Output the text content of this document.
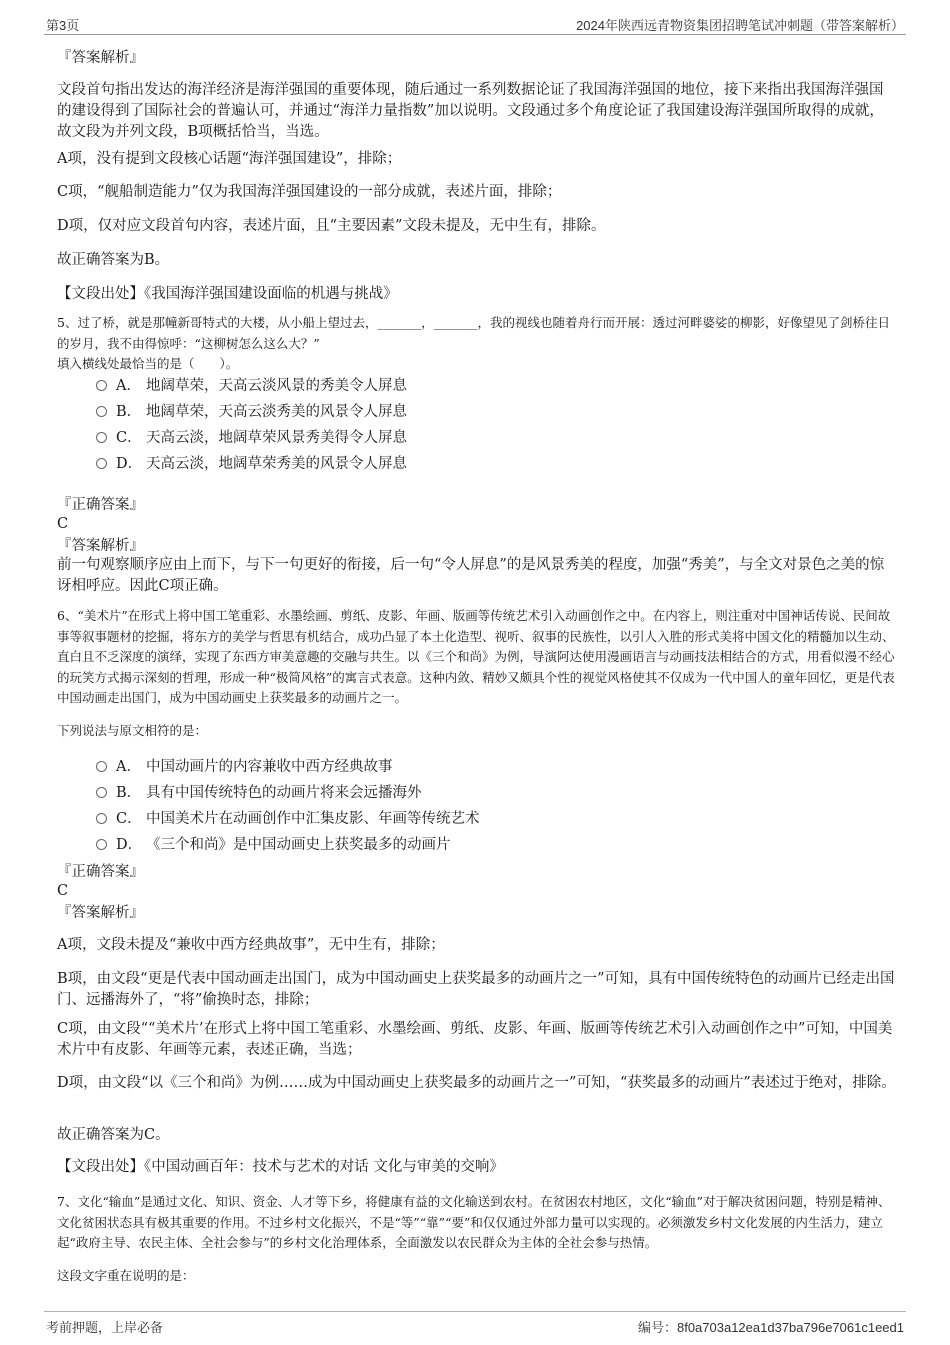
第3页	2024年陕西远青物资集团招聘笔试冲刺题（带答案解析）

『答案解析』

文段首句指出发达的海洋经济是海洋强国的重要体现，随后通过一系列数据论证了我国海洋强国的地位，接下来指出我国海洋强国的建设得到了国际社会的普遍认可，并通过“海洋力量指数”加以说明。文段通过多个角度论证了我国建设海洋强国所取得的成就，故文段为并列文段，B项概括恰当，当选。

A项，没有提到文段核心话题“海洋强国建设”，排除；

C项，“舰船制造能力”仅为我国海洋强国建设的一部分成就，表述片面，排除；

D项，仅对应文段首句内容，表述片面，且“主要因素”文段未提及，无中生有，排除。

故正确答案为B。

【文段出处】《我国海洋强国建设面临的机遇与挑战》

5、过了桥，就是那幢新哥特式的大楼，从小船上望过去，_______，_______，我的视线也随着舟行而开展：透过河畔婆娑的柳影，好像望见了剑桥往日的岁月，我不由得惊呼：“这柳树怎么这么大？”

填入横线处最恰当的是（　　）。

A． 地阔草荣，天高云淡风景的秀美令人屏息
B． 地阔草荣，天高云淡秀美的风景令人屏息
C． 天高云淡，地阔草荣风景秀美得令人屏息
D． 天高云淡，地阔草荣秀美的风景令人屏息

『正确答案』

C

『答案解析』

前一句观察顺序应由上而下，与下一句更好的衔接，后一句“令人屏息”的是风景秀美的程度，加强“秀美”，与全文对景色之美的惊讶相呼应。因此C项正确。

6、“美术片”在形式上将中国工笔重彩、水墨绘画、剪纸、皮影、年画、版画等传统艺术引入动画创作之中。在内容上，则注重对中国神话传说、民间故事等叙事题材的挖掘，将东方的美学与哲思有机结合，成功凸显了本土化造型、视听、叙事的民族性，以引人入胜的形式美将中国文化的精髓加以生动、直白且不乏深度的演绎，实现了东西方审美意趣的交融与共生。以《三个和尚》为例，导演阿达使用漫画语言与动画技法相结合的方式，用看似漫不经心的玩笑方式揭示深刻的哲理，形成一种“极简风格”的寓言式表意。这种内敛、精妙又颇具个性的视觉风格使其不仅成为一代中国人的童年回忆，更是代表中国动画走出国门，成为中国动画史上获奖最多的动画片之一。

下列说法与原文相符的是：

A． 中国动画片的内容兼收中西方经典故事
B． 具有中国传统特色的动画片将来会远播海外
C． 中国美术片在动画创作中汇集皮影、年画等传统艺术
D． 《三个和尚》是中国动画史上获奖最多的动画片

『正确答案』

C

『答案解析』

A项，文段未提及“兼收中西方经典故事”，无中生有，排除；

B项，由文段“更是代表中国动画走出国门，成为中国动画史上获奖最多的动画片之一”可知，具有中国传统特色的动画片已经走出国门、远播海外了，“将”偷换时态，排除；

C项，由文段““美术片’在形式上将中国工笔重彩、水墨绘画、剪纸、皮影、年画、版画等传统艺术引入动画创作之中”可知，中国美术片中有皮影、年画等元素，表述正确，当选；

D项，由文段“以《三个和尚》为例……成为中国动画史上获奖最多的动画片之一”可知，“获奖最多的动画片”表述过于绝对，排除。

故正确答案为C。

【文段出处】《中国动画百年：技术与艺术的对话 文化与审美的交响》

7、文化“输血”是通过文化、知识、资金、人才等下乡，将健康有益的文化输送到农村。在贫困农村地区，文化“输血”对于解决贫困问题，特别是精神、文化贫困状态具有极其重要的作用。不过乡村文化振兴，不是“等”“靠”“要”和仅仅通过外部力量可以实现的。必须激发乡村文化发展的内生活力，建立起“政府主导、农民主体、全社会参与”的乡村文化治理体系，全面激发以农民群众为主体的全社会参与热情。

这段文字重在说明的是：

考前押题，上岸必备	编号：8f0a703a12ea1d37ba796e7061c1eed1
